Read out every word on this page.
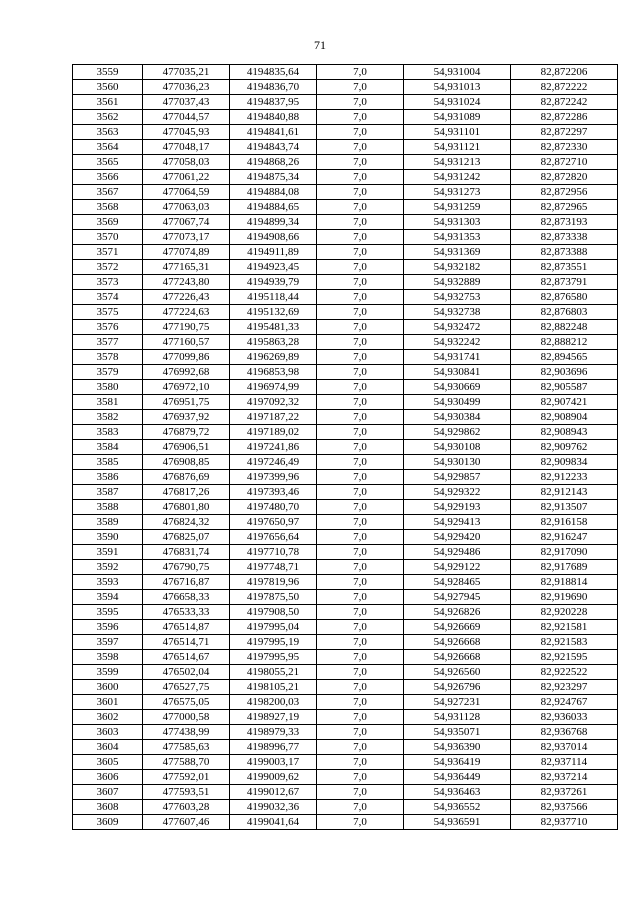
71
3559	477035,21	4194835,64	7,0	54,931004	82,872206
3560	477036,23	4194836,70	7,0	54,931013	82,872222
3561	477037,43	4194837,95	7,0	54,931024	82,872242
3562	477044,57	4194840,88	7,0	54,931089	82,872286
3563	477045,93	4194841,61	7,0	54,931101	82,872297
3564	477048,17	4194843,74	7,0	54,931121	82,872330
3565	477058,03	4194868,26	7,0	54,931213	82,872710
3566	477061,22	4194875,34	7,0	54,931242	82,872820
3567	477064,59	4194884,08	7,0	54,931273	82,872956
3568	477063,03	4194884,65	7,0	54,931259	82,872965
3569	477067,74	4194899,34	7,0	54,931303	82,873193
3570	477073,17	4194908,66	7,0	54,931353	82,873338
3571	477074,89	4194911,89	7,0	54,931369	82,873388
3572	477165,31	4194923,45	7,0	54,932182	82,873551
3573	477243,80	4194939,79	7,0	54,932889	82,873791
3574	477226,43	4195118,44	7,0	54,932753	82,876580
3575	477224,63	4195132,69	7,0	54,932738	82,876803
3576	477190,75	4195481,33	7,0	54,932472	82,882248
3577	477160,57	4195863,28	7,0	54,932242	82,888212
3578	477099,86	4196269,89	7,0	54,931741	82,894565
3579	476992,68	4196853,98	7,0	54,930841	82,903696
3580	476972,10	4196974,99	7,0	54,930669	82,905587
3581	476951,75	4197092,32	7,0	54,930499	82,907421
3582	476937,92	4197187,22	7,0	54,930384	82,908904
3583	476879,72	4197189,02	7,0	54,929862	82,908943
3584	476906,51	4197241,86	7,0	54,930108	82,909762
3585	476908,85	4197246,49	7,0	54,930130	82,909834
3586	476876,69	4197399,96	7,0	54,929857	82,912233
3587	476817,26	4197393,46	7,0	54,929322	82,912143
3588	476801,80	4197480,70	7,0	54,929193	82,913507
3589	476824,32	4197650,97	7,0	54,929413	82,916158
3590	476825,07	4197656,64	7,0	54,929420	82,916247
3591	476831,74	4197710,78	7,0	54,929486	82,917090
3592	476790,75	4197748,71	7,0	54,929122	82,917689
3593	476716,87	4197819,96	7,0	54,928465	82,918814
3594	476658,33	4197875,50	7,0	54,927945	82,919690
3595	476533,33	4197908,50	7,0	54,926826	82,920228
3596	476514,87	4197995,04	7,0	54,926669	82,921581
3597	476514,71	4197995,19	7,0	54,926668	82,921583
3598	476514,67	4197995,95	7,0	54,926668	82,921595
3599	476502,04	4198055,21	7,0	54,926560	82,922522
3600	476527,75	4198105,21	7,0	54,926796	82,923297
3601	476575,05	4198200,03	7,0	54,927231	82,924767
3602	477000,58	4198927,19	7,0	54,931128	82,936033
3603	477438,99	4198979,33	7,0	54,935071	82,936768
3604	477585,63	4198996,77	7,0	54,936390	82,937014
3605	477588,70	4199003,17	7,0	54,936419	82,937114
3606	477592,01	4199009,62	7,0	54,936449	82,937214
3607	477593,51	4199012,67	7,0	54,936463	82,937261
3608	477603,28	4199032,36	7,0	54,936552	82,937566
3609	477607,46	4199041,64	7,0	54,936591	82,937710
